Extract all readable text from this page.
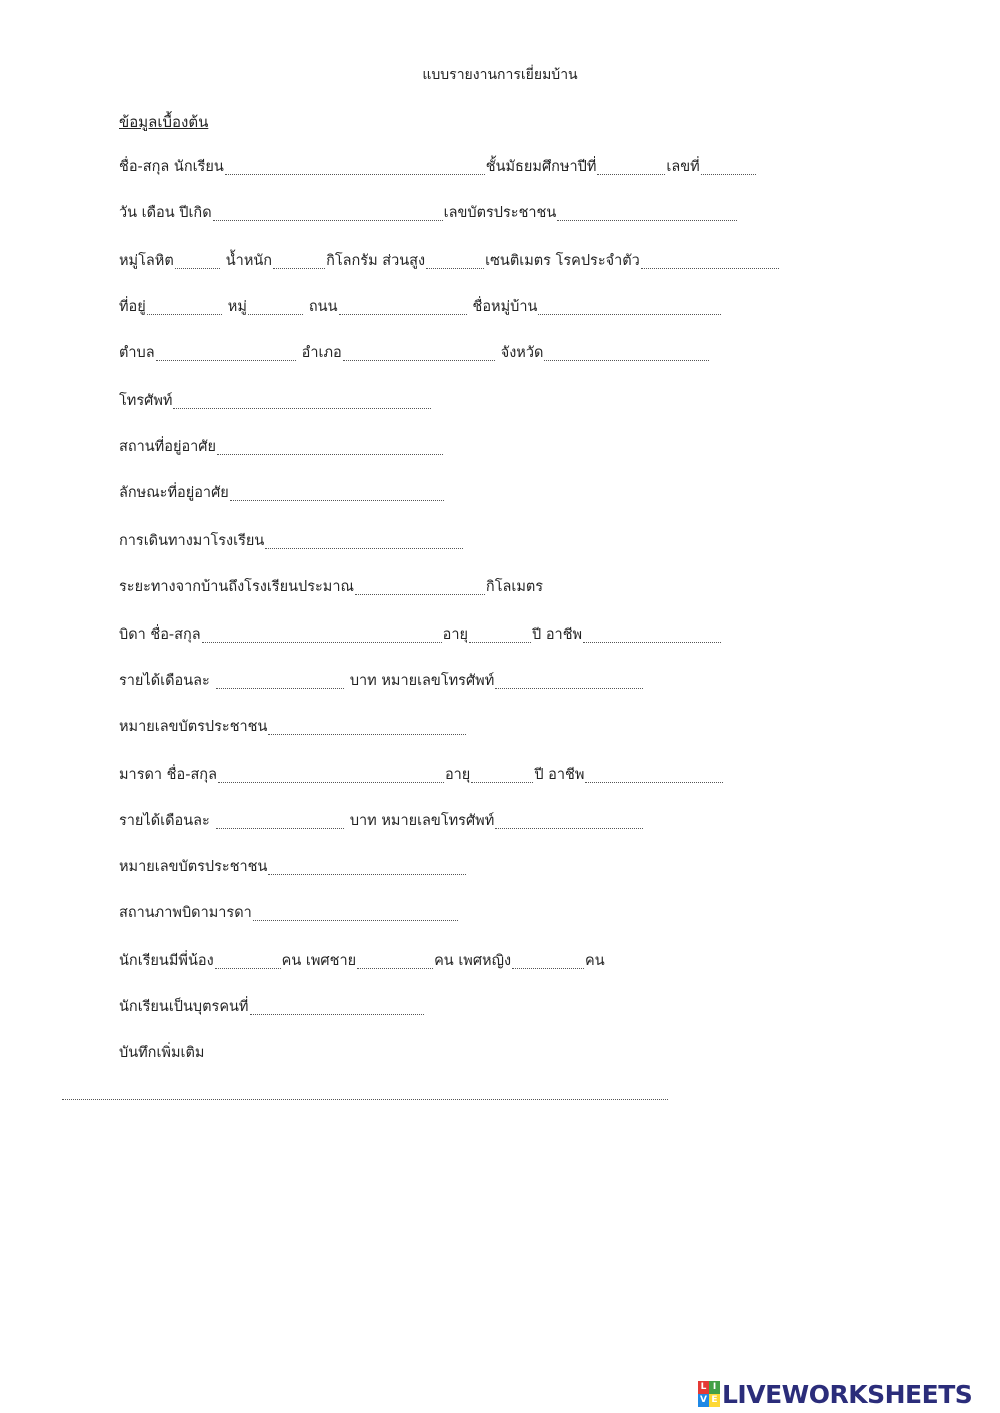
แบบรายงานการเยี่ยมบ้าน
ข้อมูลเบื้องต้น
ชื่อ-สกุล นักเรียน	ชั้นมัธยมศึกษาปีที่	เลขที่
วัน เดือน ปีเกิด	เลขบัตรประชาชน
หมู่โลหิต	น้ำหนัก	กิโลกรัม ส่วนสูง	เซนติเมตร โรคประจำตัว
ที่อยู่	หมู่	ถนน	ชื่อหมู่บ้าน
ตำบล	อำเภอ	จังหวัด
โทรศัพท์
สถานที่อยู่อาศัย
ลักษณะที่อยู่อาศัย
การเดินทางมาโรงเรียน
ระยะทางจากบ้านถึงโรงเรียนประมาณ	กิโลเมตร
บิดา ชื่อ-สกุล	อายุ	ปี อาชีพ
รายได้เดือนละ	บาท หมายเลขโทรศัพท์
หมายเลขบัตรประชาชน
มารดา ชื่อ-สกุล	อายุ	ปี อาชีพ
รายได้เดือนละ	บาท หมายเลขโทรศัพท์
หมายเลขบัตรประชาชน
สถานภาพบิดามารดา
นักเรียนมีพี่น้อง	คน เพศชาย	คน เพศหญิง	คน
นักเรียนเป็นบุตรคนที่
บันทึกเพิ่มเติม
L I
V E LIVEWORKSHEETS
